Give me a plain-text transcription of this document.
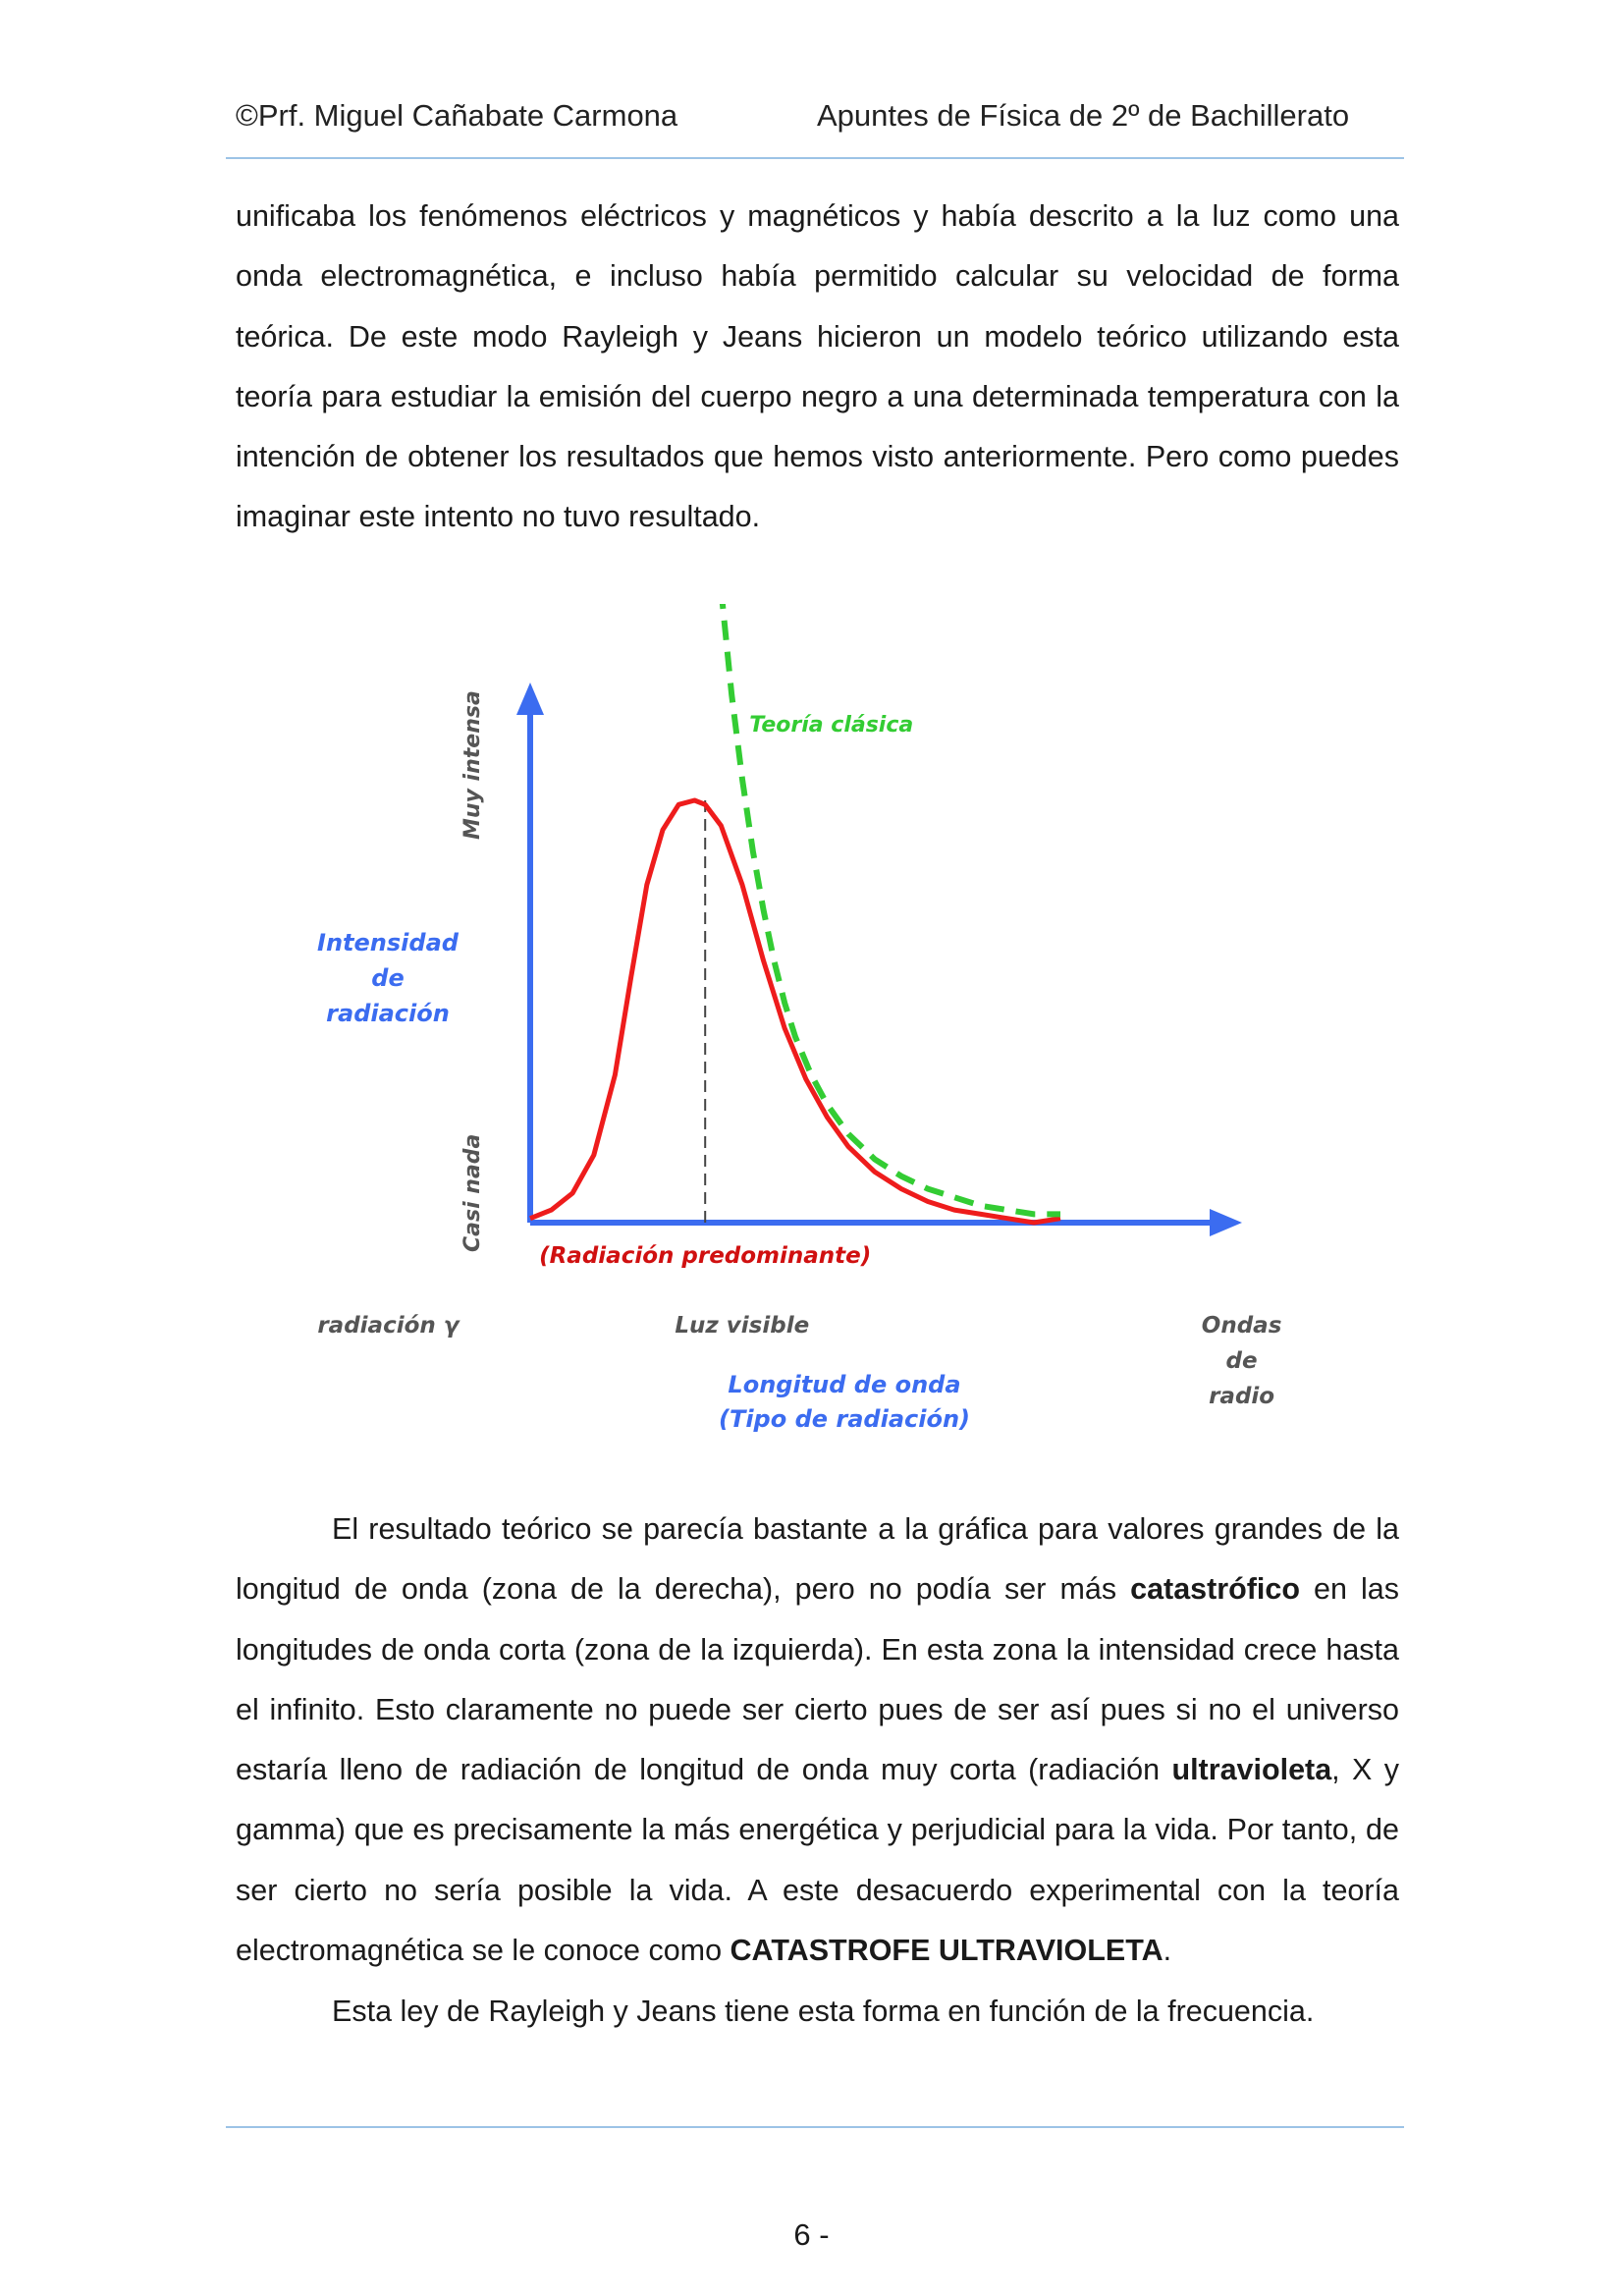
©Prf. Miguel Cañabate Carmona	Apuntes de Física de 2º de Bachillerato

unificaba los fenómenos eléctricos y magnéticos y había descrito a la luz como una onda electromagnética, e incluso había permitido calcular su velocidad de forma teórica. De este modo Rayleigh y Jeans hicieron un modelo teórico utilizando esta teoría para estudiar la emisión del cuerpo negro a una determinada temperatura con la intención de obtener los resultados que hemos visto anteriormente. Pero como puedes imaginar este intento no tuvo resultado.

Teoría clásica
Muy intensa
Casi nada
Intensidad
de
radiación
(Radiación predominante)
radiación γ	Luz visible	Ondas
de
radio
Longitud de onda
(Tipo de radiación)

El resultado teórico se parecía bastante a la gráfica para valores grandes de la longitud de onda (zona de la derecha), pero no podía ser más catastrófico en las longitudes de onda corta (zona de la izquierda). En esta zona la intensidad crece hasta el infinito. Esto claramente no puede ser cierto pues de ser así pues si no el universo estaría lleno de radiación de longitud de onda muy corta (radiación ultravioleta, X y gamma) que es precisamente la más energética y perjudicial para la vida. Por tanto, de ser cierto no sería posible la vida. A este desacuerdo experimental con la teoría electromagnética se le conoce como CATASTROFE ULTRAVIOLETA.

Esta ley de Rayleigh y Jeans tiene esta forma en función de la frecuencia.

6 -
